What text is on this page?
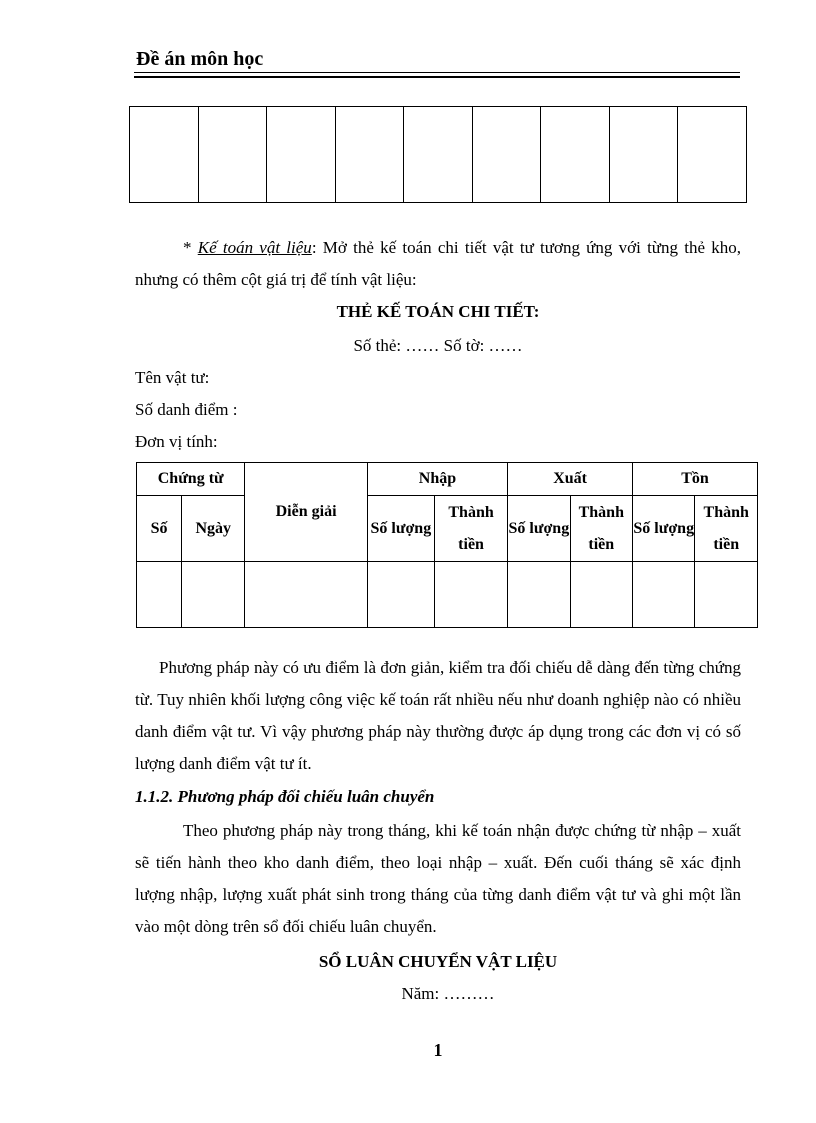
Đề án môn học

* Kế toán vật liệu: Mở thẻ kế toán chi tiết vật tư tương ứng với từng thẻ kho, nhưng có thêm cột giá trị để tính vật liệu:
THẺ KẾ TOÁN CHI TIẾT:
Số thẻ: …… Số tờ: ……
Tên vật tư:
Số danh điểm :
Đơn vị tính:
Chứng từ		Diễn giải	Nhập		Xuất		Tồn	
Số	Ngày		Số lượng	Thành tiền	Số lượng	Thành tiền	Số lượng	Thành tiền

Phương pháp này có ưu điểm là đơn giản, kiểm tra đối chiếu dễ dàng đến từng chứng từ. Tuy nhiên khối lượng công việc kế toán rất nhiều nếu như doanh nghiệp nào có nhiều danh điểm vật tư. Vì vậy phương pháp này thường được áp dụng trong các đơn vị có số lượng danh điểm vật tư ít.
1.1.2. Phương pháp đối chiếu luân chuyển
Theo phương pháp này trong tháng, khi kế toán nhận được chứng từ nhập – xuất sẽ tiến hành theo kho danh điểm, theo loại nhập – xuất. Đến cuối tháng sẽ xác định lượng nhập, lượng xuất phát sinh trong tháng của từng danh điểm vật tư và ghi một lần vào một dòng trên sổ đối chiếu luân chuyển.
SỔ LUÂN CHUYỂN VẬT LIỆU
Năm: ………
1
